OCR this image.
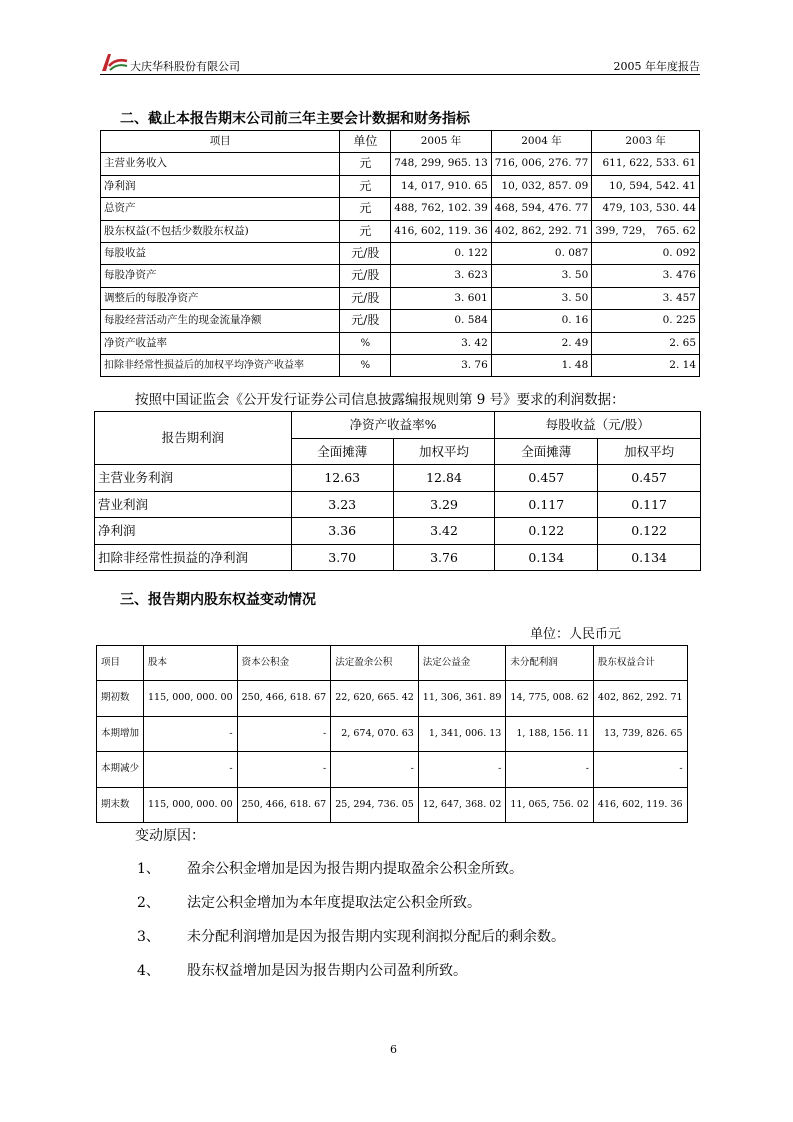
大庆华科股份有限公司	2005 年年度报告
二、截止本报告期末公司前三年主要会计数据和财务指标
项目	单位	2005 年	2004 年	2003 年
主营业务收入	元	748, 299, 965. 13	716, 006, 276. 77	611, 622, 533. 61
净利润	元	14, 017, 910. 65	10, 032, 857. 09	10, 594, 542. 41
总资产	元	488, 762, 102. 39	468, 594, 476. 77	479, 103, 530. 44
股东权益(不包括少数股东权益)	元	416, 602, 119. 36	402, 862, 292. 71	399, 729， 765. 62
每股收益	元/股	0. 122	0. 087	0. 092
每股净资产	元/股	3. 623	3. 50	3. 476
调整后的每股净资产	元/股	3. 601	3. 50	3. 457
每股经营活动产生的现金流量净额	元/股	0. 584	0. 16	0. 225
净资产收益率	%	3. 42	2. 49	2. 65
扣除非经常性损益后的加权平均净资产收益率	%	3. 76	1. 48	2. 14
按照中国证监会《公开发行证券公司信息披露编报规则第 9 号》要求的利润数据：
报告期利润	净资产收益率%		每股收益（元/股）	
	全面摊薄	加权平均	全面摊薄	加权平均
主营业务利润	12.63	12.84	0.457	0.457
营业利润	3.23	3.29	0.117	0.117
净利润	3.36	3.42	0.122	0.122
扣除非经常性损益的净利润	3.70	3.76	0.134	0.134
三、报告期内股东权益变动情况
单位：人民币元
项目	股本	资本公积金	法定盈余公积	法定公益金	未分配利润	股东权益合计
期初数	115, 000, 000. 00	250, 466, 618. 67	22, 620, 665. 42	11, 306, 361. 89	14, 775, 008. 62	402, 862, 292. 71
本期增加	-	-	2, 674, 070. 63	1, 341, 006. 13	1, 188, 156. 11	13, 739, 826. 65
本期减少	-	-	-	-	-	-
期末数	115, 000, 000. 00	250, 466, 618. 67	25, 294, 736. 05	12, 647, 368. 02	11, 065, 756. 02	416, 602, 119. 36
变动原因：
1、 盈余公积金增加是因为报告期内提取盈余公积金所致。
2、 法定公积金增加为本年度提取法定公积金所致。
3、 未分配利润增加是因为报告期内实现利润拟分配后的剩余数。
4、 股东权益增加是因为报告期内公司盈利所致。
6
